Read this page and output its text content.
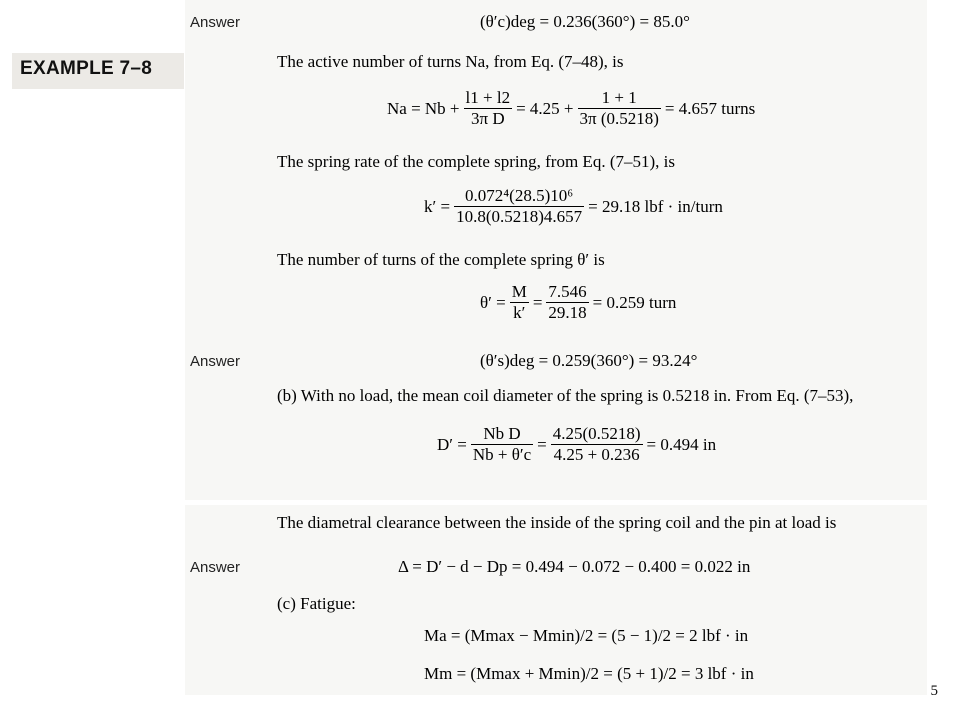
EXAMPLE 7–8
Answer	(θ′c)deg = 0.236(360°) = 85.0°
The active number of turns Na, from Eq. (7–48), is
$Na = Nb + \frac{l1 + l2}{\text{3π D}} = 4.25 + \frac{1 + 1}{3\pi (0.5218)} = 4.657$ turns
The spring rate of the complete spring, from Eq. (7–51), is
$k' = \frac{\text{0.072⁴(28.5)10⁶}}{10.8(0.5218)4.657} = 29.18$ lbf · in/turn
The number of turns of the complete spring θ′ is
$\theta' = \frac{M}{k'} = \frac{7.546}{29.18} = 0.259$ turn
Answer	(θ′s)deg = 0.259(360°) = 93.24°
(b) With no load, the mean coil diameter of the spring is 0.5218 in. From Eq. (7–53),
$D' = \frac{\text{Nb D}}{Nb + \theta'c} = \frac{4.25(0.5218)}{4.25 + 0.236} = 0.494$ in
The diametral clearance between the inside of the spring coil and the pin at load is
Answer	Δ = D′ − d − Dp = 0.494 − 0.072 − 0.400 = 0.022 in
(c) Fatigue:
Ma = (Mmax − Mmin)/2 = (5 − 1)/2 = 2 lbf · in
Mm = (Mmax + Mmin)/2 = (5 + 1)/2 = 3 lbf · in
5
